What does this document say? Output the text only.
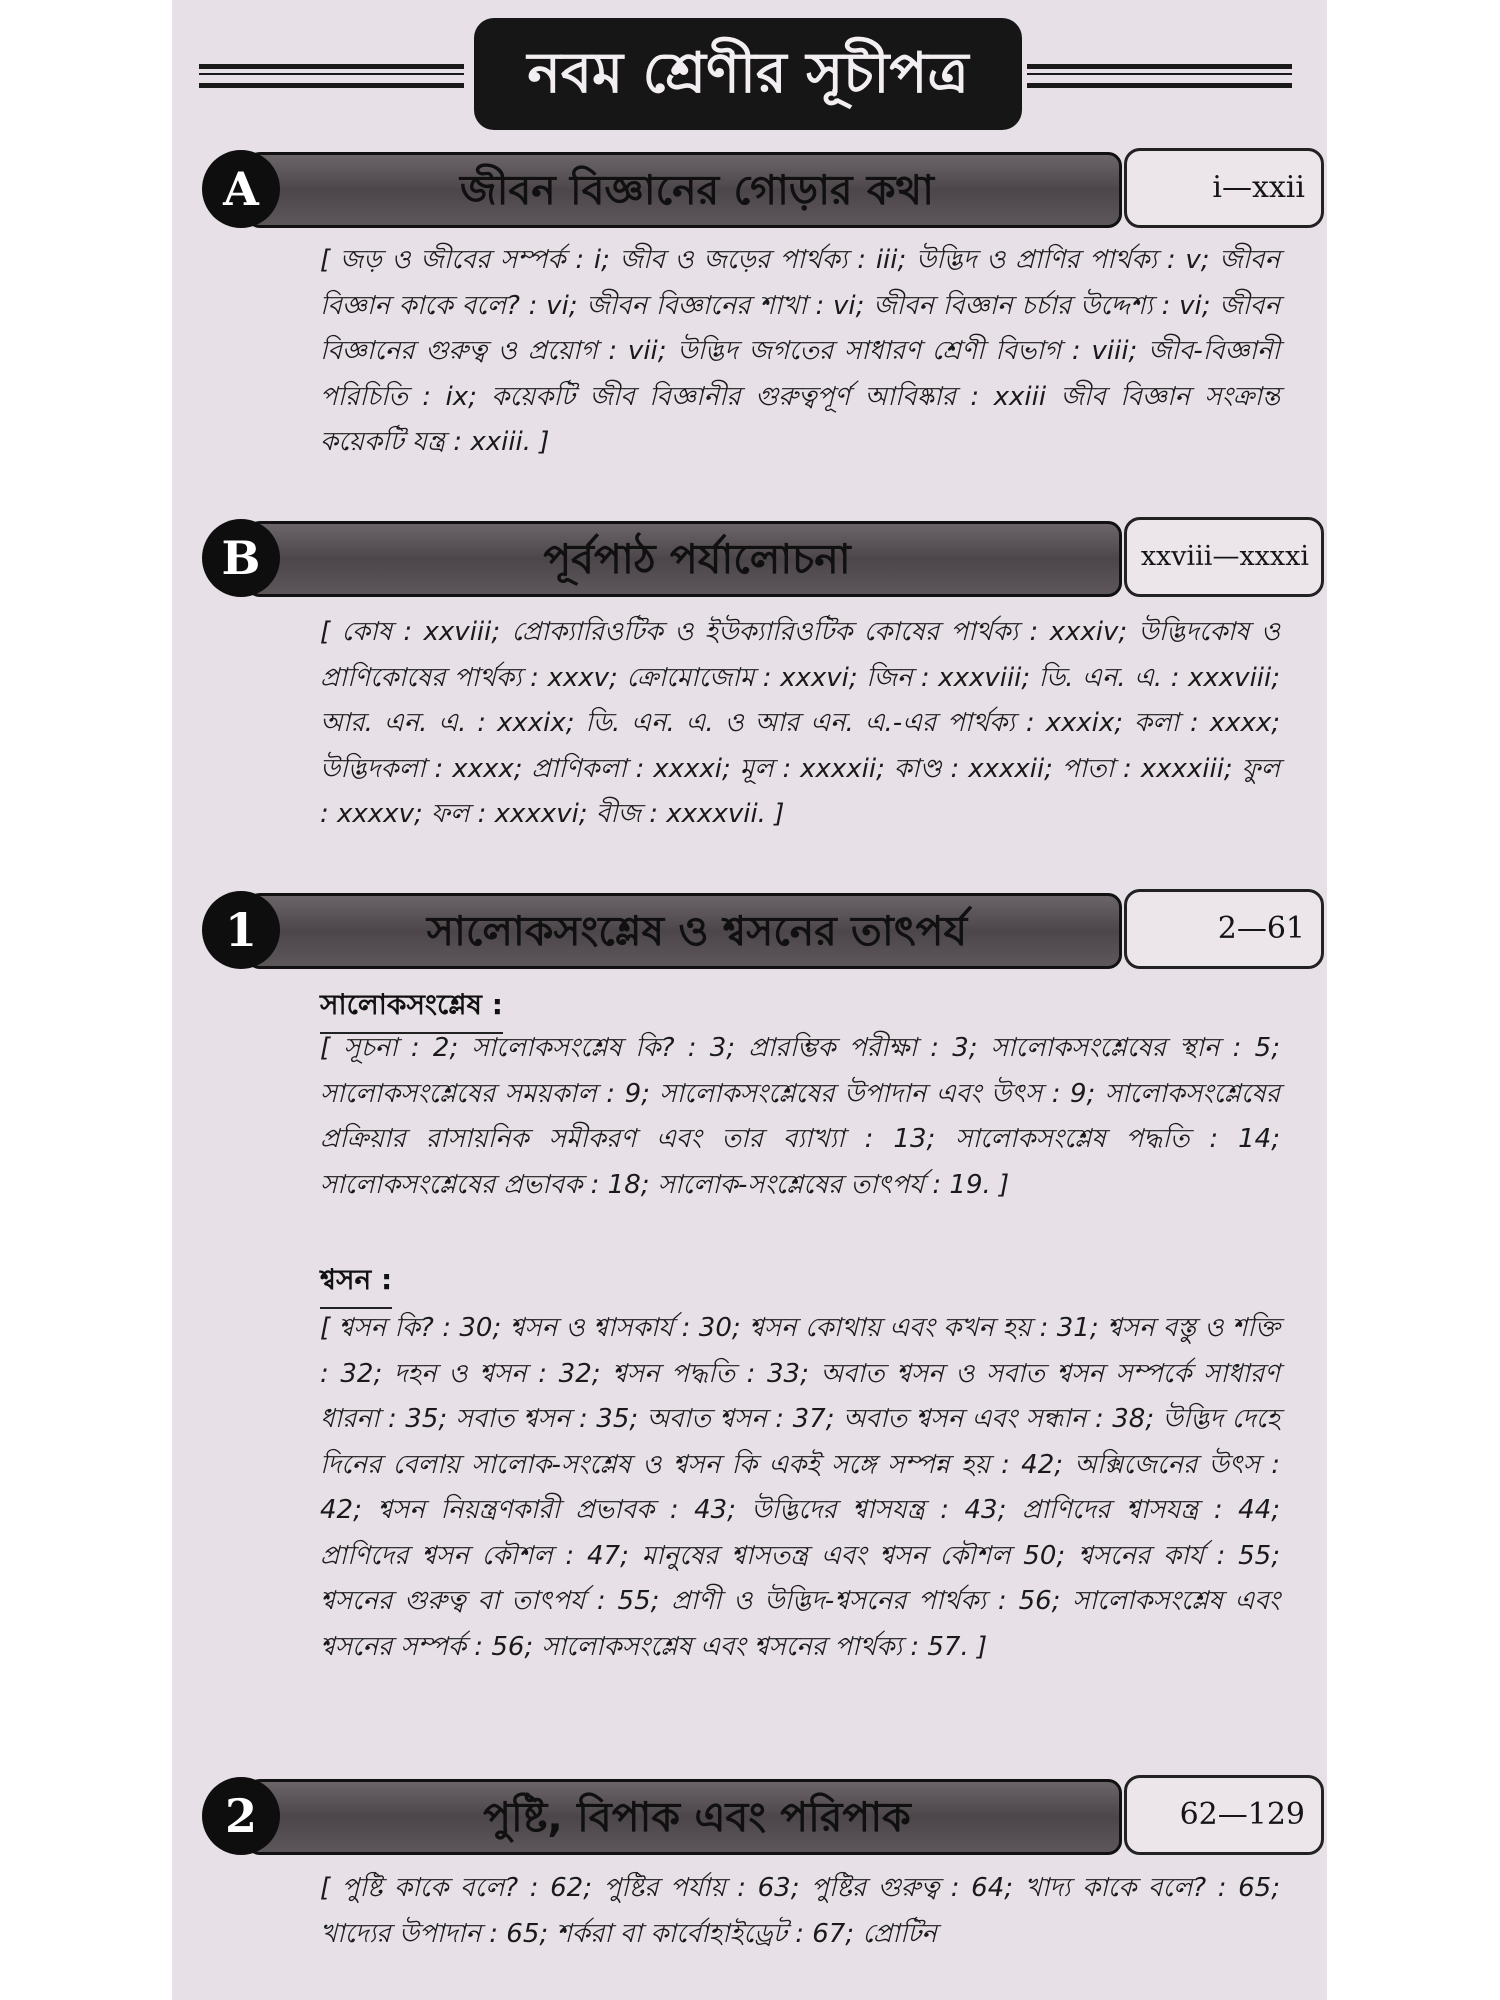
নবম শ্রেণীর সূচীপত্র
A	জীবন বিজ্ঞানের গোড়ার কথা	i—xxii

[ জড় ও জীবের সম্পর্ক : i; জীব ও জড়ের পার্থক্য : iii; উদ্ভিদ ও প্রাণির পার্থক্য : v; জীবন বিজ্ঞান কাকে বলে? : vi; জীবন বিজ্ঞানের শাখা : vi; জীবন বিজ্ঞান চর্চার উদ্দেশ্য : vi; জীবন বিজ্ঞানের গুরুত্ব ও প্রয়োগ : vii; উদ্ভিদ জগতের সাধারণ শ্রেণী বিভাগ : viii; জীব-বিজ্ঞানী পরিচিতি : ix; কয়েকটি জীব বিজ্ঞানীর গুরুত্বপূর্ণ আবিষ্কার : xxiii জীব বিজ্ঞান সংক্রান্ত কয়েকটি যন্ত্র : xxiii. ]

B	পূর্বপাঠ পর্যালোচনা	xxviii—xxxxi

[ কোষ : xxviii; প্রোক্যারিওটিক ও ইউক্যারিওটিক কোষের পার্থক্য : xxxiv; উদ্ভিদকোষ ও প্রাণিকোষের পার্থক্য : xxxv; ক্রোমোজোম : xxxvi; জিন : xxxviii; ডি. এন. এ. : xxxviii; আর. এন. এ. : xxxix; ডি. এন. এ. ও আর এন. এ.-এর পার্থক্য : xxxix; কলা : xxxx; উদ্ভিদকলা : xxxx; প্রাণিকলা : xxxxi; মূল : xxxxii; কাণ্ড : xxxxii; পাতা : xxxxiii; ফুল : xxxxv; ফল : xxxxvi; বীজ : xxxxvii. ]

1	সালোকসংশ্লেষ ও শ্বসনের তাৎপর্য	2—61
সালোকসংশ্লেষ :

[ সূচনা : 2; সালোকসংশ্লেষ কি? : 3; প্রারম্ভিক পরীক্ষা : 3; সালোকসংশ্লেষের স্থান : 5; সালোকসংশ্লেষের সময়কাল : 9; সালোকসংশ্লেষের উপাদান এবং উৎস : 9; সালোকসংশ্লেষের প্রক্রিয়ার রাসায়নিক সমীকরণ এবং তার ব্যাখ্যা : 13; সালোকসংশ্লেষ পদ্ধতি : 14; সালোকসংশ্লেষের প্রভাবক : 18; সালোক-সংশ্লেষের তাৎপর্য : 19. ]

শ্বসন :

[ শ্বসন কি? : 30; শ্বসন ও শ্বাসকার্য : 30; শ্বসন কোথায় এবং কখন হয় : 31; শ্বসন বস্তু ও শক্তি : 32; দহন ও শ্বসন : 32; শ্বসন পদ্ধতি : 33; অবাত শ্বসন ও সবাত শ্বসন সম্পর্কে সাধারণ ধারনা : 35; সবাত শ্বসন : 35; অবাত শ্বসন : 37; অবাত শ্বসন এবং সন্ধান : 38; উদ্ভিদ দেহে দিনের বেলায় সালোক-সংশ্লেষ ও শ্বসন কি একই সঙ্গে সম্পন্ন হয় : 42; অক্সিজেনের উৎস : 42; শ্বসন নিয়ন্ত্রণকারী প্রভাবক : 43; উদ্ভিদের শ্বাসযন্ত্র : 43; প্রাণিদের শ্বাসযন্ত্র : 44; প্রাণিদের শ্বসন কৌশল : 47; মানুষের শ্বাসতন্ত্র এবং শ্বসন কৌশল 50; শ্বসনের কার্য : 55; শ্বসনের গুরুত্ব বা তাৎপর্য : 55; প্রাণী ও উদ্ভিদ-শ্বসনের পার্থক্য : 56; সালোকসংশ্লেষ এবং শ্বসনের সম্পর্ক : 56; সালোকসংশ্লেষ এবং শ্বসনের পার্থক্য : 57. ]

2	পুষ্টি, বিপাক এবং পরিপাক	62—129

[ পুষ্টি কাকে বলে? : 62; পুষ্টির পর্যায় : 63; পুষ্টির গুরুত্ব : 64; খাদ্য কাকে বলে? : 65; খাদ্যের উপাদান : 65; শর্করা বা কার্বোহাইড্রেট : 67; প্রোটিন
